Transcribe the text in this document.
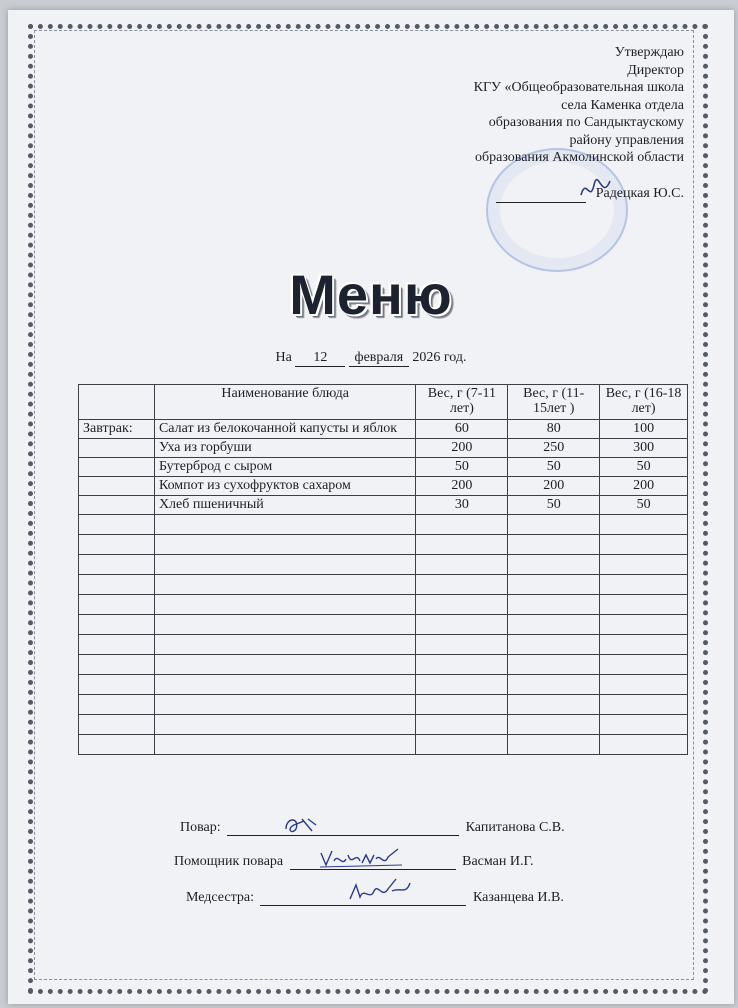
Утверждаю
Директор
КГУ «Общеобразовательная школа
села Каменка отдела
образования по Сандыктаускому
району управления
образования Акмолинской области
Радецкая Ю.С.
Меню
На 12 февраля 2026 год.
	Наименование блюда	Вес, г (7-11 лет)	Вес, г (11-15лет )	Вес, г (16-18 лет)
Завтрак:	Салат из белокочанной капусты и яблок	60	80	100
	Уха из горбуши	200	250	300
	Бутерброд с сыром	50	50	50
	Компот из сухофруктов сахаром	200	200	200
	Хлеб пшеничный	30	50	50

Повар:	Капитанова С.В.
Помощник повара	Васман И.Г.
Медсестра:	Казанцева И.В.
